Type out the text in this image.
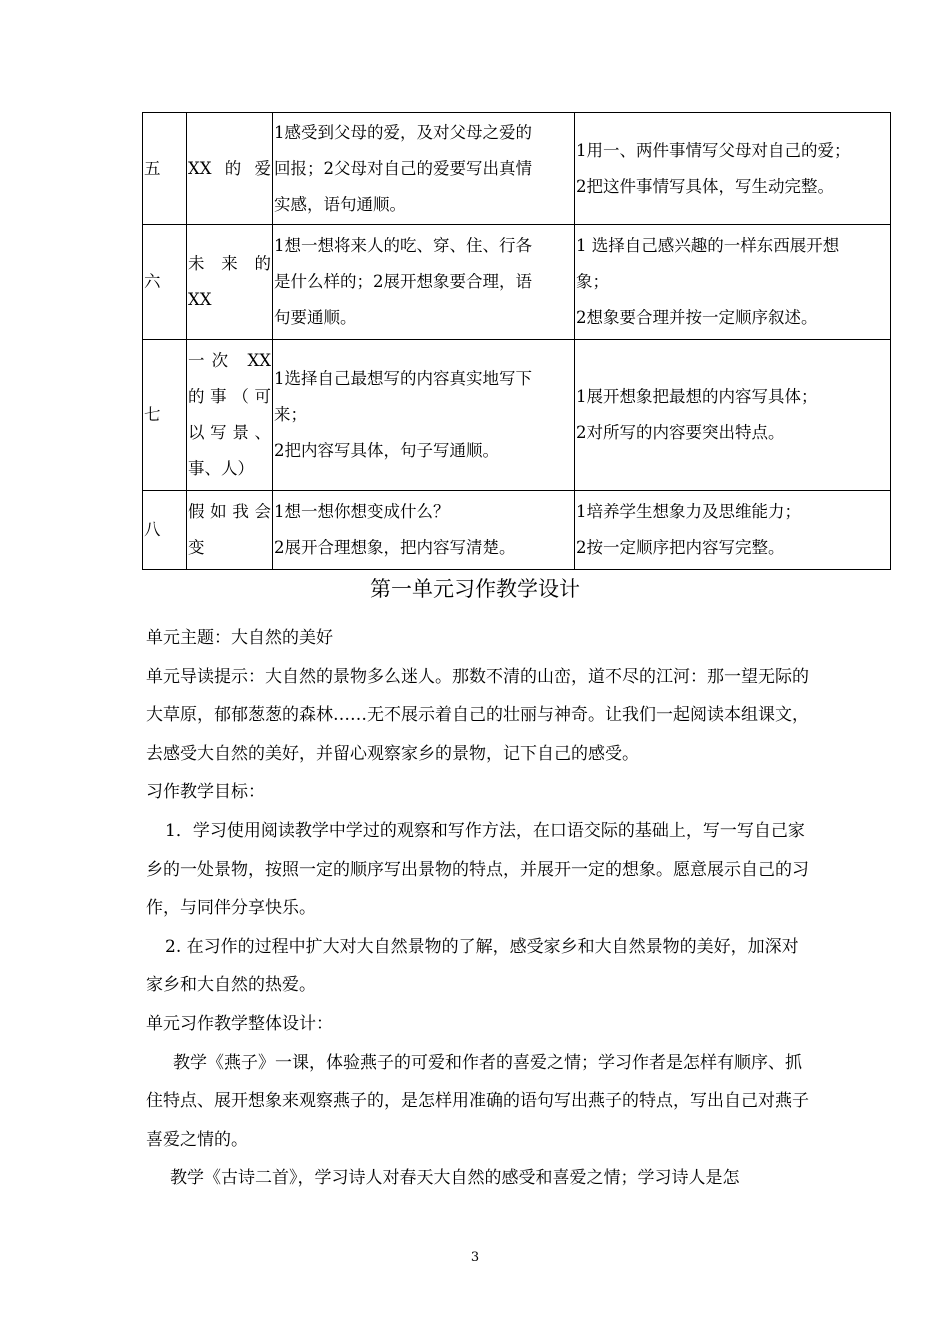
五	XX的爱	1感受到父母的爱，及对父母之爱的
回报；2父母对自己的爱要写出真情
实感，语句通顺。	1用一、两件事情写父母对自己的爱；
2把这件事情写具体，写生动完整。

六	未来的
XX	1想一想将来人的吃、穿、住、行各
是什么样的；2展开想象要合理，语
句要通顺。	1 选择自己感兴趣的一样东西展开想
象；
2想象要合理并按一定顺序叙述。

七	一次 XX
的事（可
以写景、
事、人）	1选择自己最想写的内容真实地写下
来；
2把内容写具体，句子写通顺。	1展开想象把最想的内容写具体；
2对所写的内容要突出特点。

八	假如我会
变	1想一想你想变成什么？
2展开合理想象，把内容写清楚。	1培养学生想象力及思维能力；
2按一定顺序把内容写完整。
第一单元习作教学设计

单元主题：大自然的美好

单元导读提示：大自然的景物多么迷人。那数不清的山峦，道不尽的江河：那一望无际的大草原，郁郁葱葱的森林……无不展示着自己的壮丽与神奇。让我们一起阅读本组课文，去感受大自然的美好，并留心观察家乡的景物，记下自己的感受。

习作教学目标：

1．学习使用阅读教学中学过的观察和写作方法，在口语交际的基础上，写一写自己家乡的一处景物，按照一定的顺序写出景物的特点，并展开一定的想象。愿意展示自己的习作，与同伴分享快乐。

2. 在习作的过程中扩大对大自然景物的了解，感受家乡和大自然景物的美好，加深对家乡和大自然的热爱。

单元习作教学整体设计：

教学《燕子》一课，体验燕子的可爱和作者的喜爱之情；学习作者是怎样有顺序、抓住特点、展开想象来观察燕子的，是怎样用准确的语句写出燕子的特点，写出自己对燕子喜爱之情的。

教学《古诗二首》，学习诗人对春天大自然的感受和喜爱之情；学习诗人是怎

3
